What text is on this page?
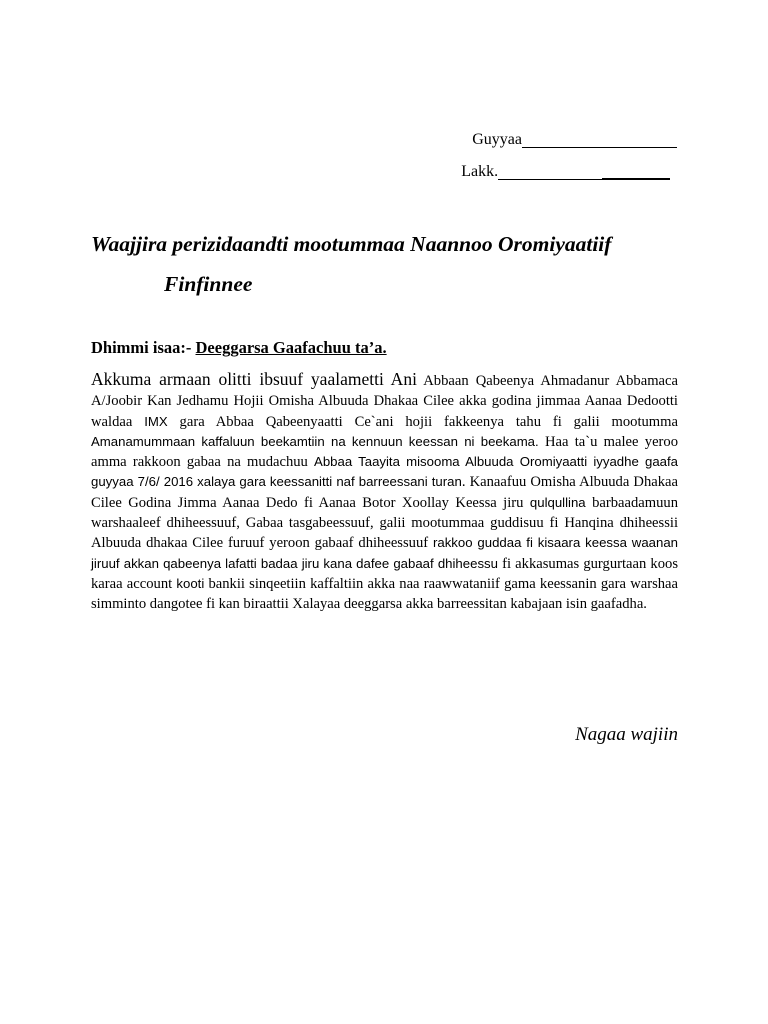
Guyyaa
Lakk.
Waajjira perizidaandti mootummaa Naannoo Oromiyaatiif
Finfinnee
Dhimmi isaa:- Deeggarsa Gaafachuu ta’a.
Akkuma armaan olitti ibsuuf yaalametti Ani Abbaan Qabeenya Ahmadanur Abbamaca A/Joobir Kan Jedhamu Hojii Omisha Albuuda Dhakaa Cilee akka godina jimmaa Aanaa Dedootti waldaa IMX gara Abbaa Qabeenyaatti Ce`ani hojii fakkeenya tahu fi galii mootumma Amanamummaan kaffaluun beekamtiin na kennuun keessan ni beekama. Haa ta`u malee yeroo amma rakkoon gabaa na mudachuu Abbaa Taayita misooma Albuuda Oromiyaatti iyyadhe gaafa guyyaa 7/6/ 2016 xalaya gara keessanitti naf barreessani turan. Kanaafuu Omisha Albuuda Dhakaa Cilee Godina Jimma Aanaa Dedo fi Aanaa Botor Xoollay Keessa jiru qulqullina barbaadamuun warshaaleef dhiheessuuf, Gabaa tasgabeessuuf, galii mootummaa guddisuu fi Hanqina dhiheessii Albuuda dhakaa Cilee furuuf yeroon gabaaf dhiheessuuf rakkoo guddaa fi kisaara keessa waanan jiruuf akkan qabeenya lafatti badaa jiru kana dafee gabaaf dhiheessu fi akkasumas gurgurtaan koos karaa account kooti bankii sinqeetiin kaffaltiin akka naa raawwataniif gama keessanin gara warshaa simminto dangotee fi kan biraattii Xalayaa deeggarsa akka barreessitan kabajaan isin gaafadha.
Nagaa wajiin
